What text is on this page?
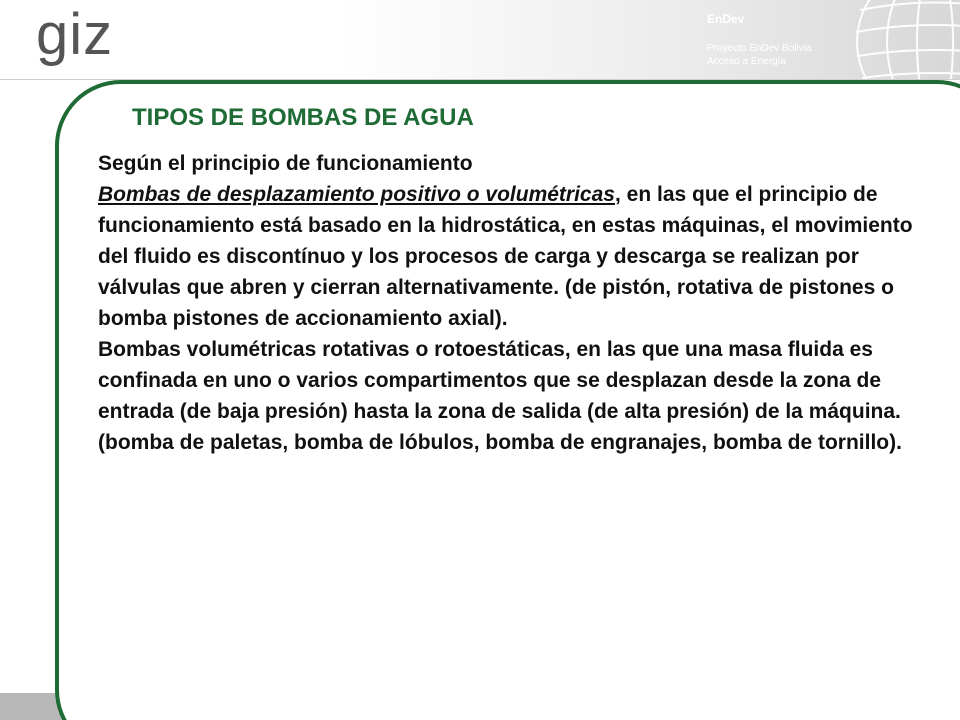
giz	EnDev
Proyecto EnDev Bolivia
Acceso a Energía
TIPOS DE BOMBAS DE AGUA

Según el principio de funcionamiento

Bombas de desplazamiento positivo o volumétricas, en las que el principio de funcionamiento está basado en la hidrostática, en estas máquinas, el movimiento del fluido es discontínuo y los procesos de carga y descarga se realizan por válvulas que abren y cierran alternativamente. (de pistón, rotativa de pistones o bomba pistones de accionamiento axial).

Bombas volumétricas rotativas o rotoestáticas, en las que una masa fluida es confinada en uno o varios compartimentos que se desplazan desde la zona de entrada (de baja presión) hasta la zona de salida (de alta presión) de la máquina. (bomba de paletas, bomba de lóbulos, bomba de engranajes, bomba de tornillo).
